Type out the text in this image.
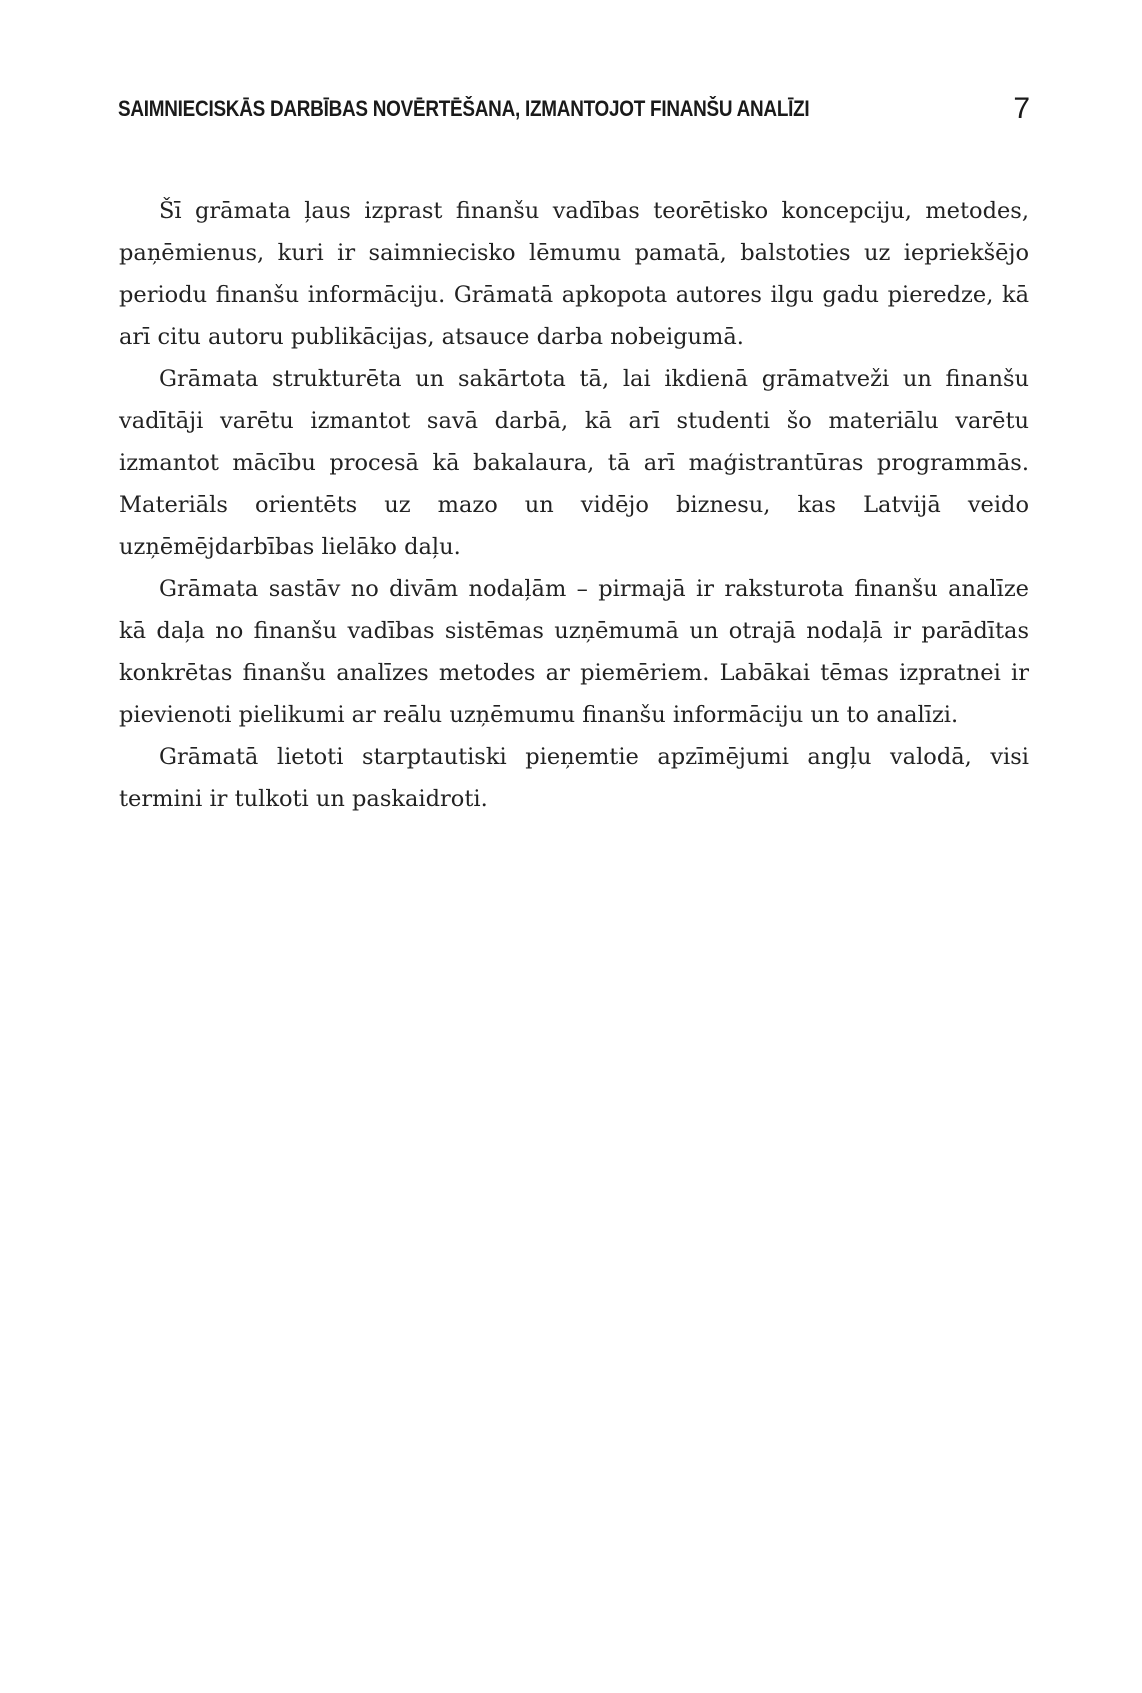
SAIMNIECISKĀS DARBĪBAS NOVĒRTĒŠANA, IZMANTOJOT FINANŠU ANALĪZI	7

Šī grāmata ļaus izprast finanšu vadības teorētisko koncepciju, metodes, paņēmienus, kuri ir saimniecisko lēmumu pamatā, balstoties uz iepriekšējo periodu finanšu informāciju. Grāmatā apkopota autores ilgu gadu pieredze, kā arī citu autoru publikācijas, atsauce darba nobeigumā.

Grāmata strukturēta un sakārtota tā, lai ikdienā grāmatveži un finanšu vadītāji varētu izmantot savā darbā, kā arī studenti šo materiālu varētu izmantot mācību procesā kā bakalaura, tā arī maģistrantūras programmās. Materiāls orientēts uz mazo un vidējo biznesu, kas Latvijā veido uzņēmējdarbības lielāko daļu.

Grāmata sastāv no divām nodaļām – pirmajā ir raksturota finanšu analīze kā daļa no finanšu vadības sistēmas uzņēmumā un otrajā nodaļā ir parādītas konkrētas finanšu analīzes metodes ar piemēriem. Labākai tēmas izpratnei ir pievienoti pielikumi ar reālu uzņēmumu finanšu informāciju un to analīzi.

Grāmatā lietoti starptautiski pieņemtie apzīmējumi angļu valodā, visi termini ir tulkoti un paskaidroti.
